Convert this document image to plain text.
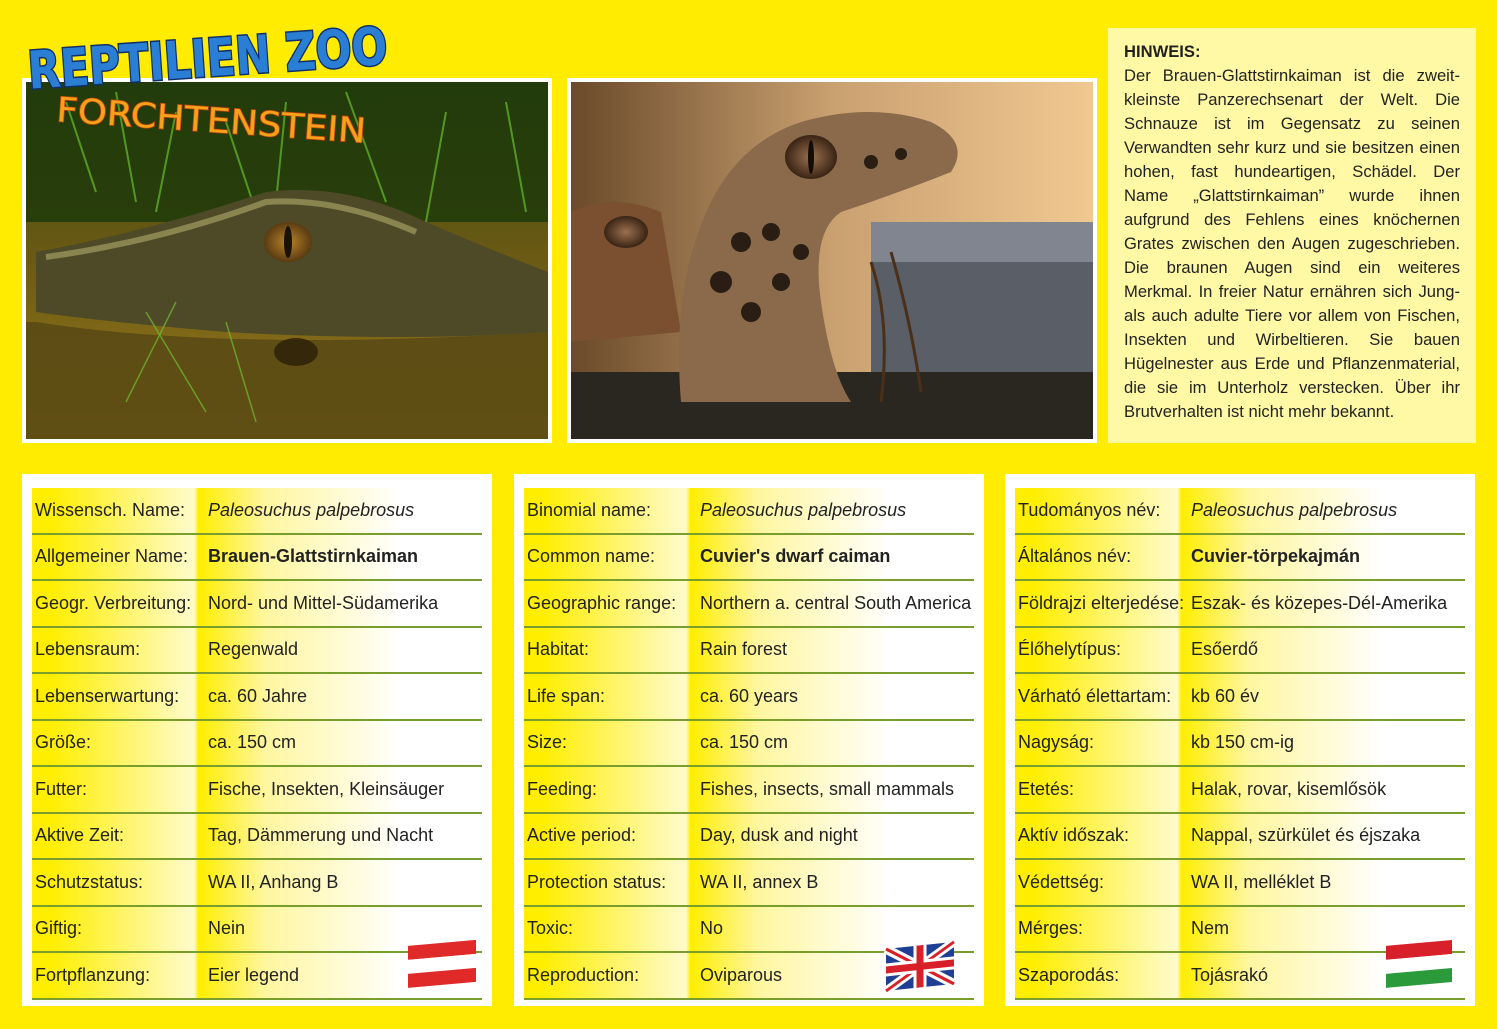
REPTILIEN ZOO
FORCHTENSTEIN
HINWEIS:
Der Brauen-Glattstirnkaiman ist die zweit-kleinste Panzerechsenart der Welt. Die Schnauze ist im Gegensatz zu seinen Verwandten sehr kurz und sie besitzen einen hohen, fast hundeartigen, Schädel. Der Name „Glattstirnkaiman” wurde ihnen aufgrund des Fehlens eines knöchernen Grates zwischen den Augen zugeschrieben. Die braunen Augen sind ein weiteres Merkmal. In freier Natur ernähren sich Jung-als auch adulte Tiere vor allem von Fischen, Insekten und Wirbeltieren. Sie bauen Hügelnester aus Erde und Pflanzenmaterial, die sie im Unterholz verstecken. Über ihr Brutverhalten ist nicht mehr bekannt.
Wissensch. Name:	Paleosuchus palpebrosus
Allgemeiner Name:	Brauen-Glattstirnkaiman
Geogr. Verbreitung: Nord- und Mittel-Südamerika
Lebensraum:	Regenwald
Lebenserwartung:	ca. 60 Jahre
Größe:	ca. 150 cm
Futter:	Fische, Insekten, Kleinsäuger
Aktive Zeit:	Tag, Dämmerung und Nacht
Schutzstatus:	WA II, Anhang B
Giftig:	Nein
Fortpflanzung:	Eier legend
Binomial name:	Paleosuchus palpebrosus
Common name:	Cuvier's dwarf caiman
Geographic range:	Northern a. central South America
Habitat:	Rain forest
Life span:	ca. 60 years
Size:	ca. 150 cm
Feeding:	Fishes, insects, small mammals
Active period:	Day, dusk and night
Protection status:	WA II, annex B
Toxic:	No
Reproduction:	Oviparous
Tudományos név:	Paleosuchus palpebrosus
Általános név:	Cuvier-törpekajmán
Földrajzi elterjedése: Eszak- és közepes-Dél-Amerika
Élőhelytípus:	Esőerdő
Várható élettartam:	kb 60 év
Nagyság:	kb 150 cm-ig
Etetés:	Halak, rovar, kisemlősök
Aktív időszak:	Nappal, szürkület és éjszaka
Védettség:	WA II, melléklet B
Mérges:	Nem
Szaporodás:	Tojásrakó
